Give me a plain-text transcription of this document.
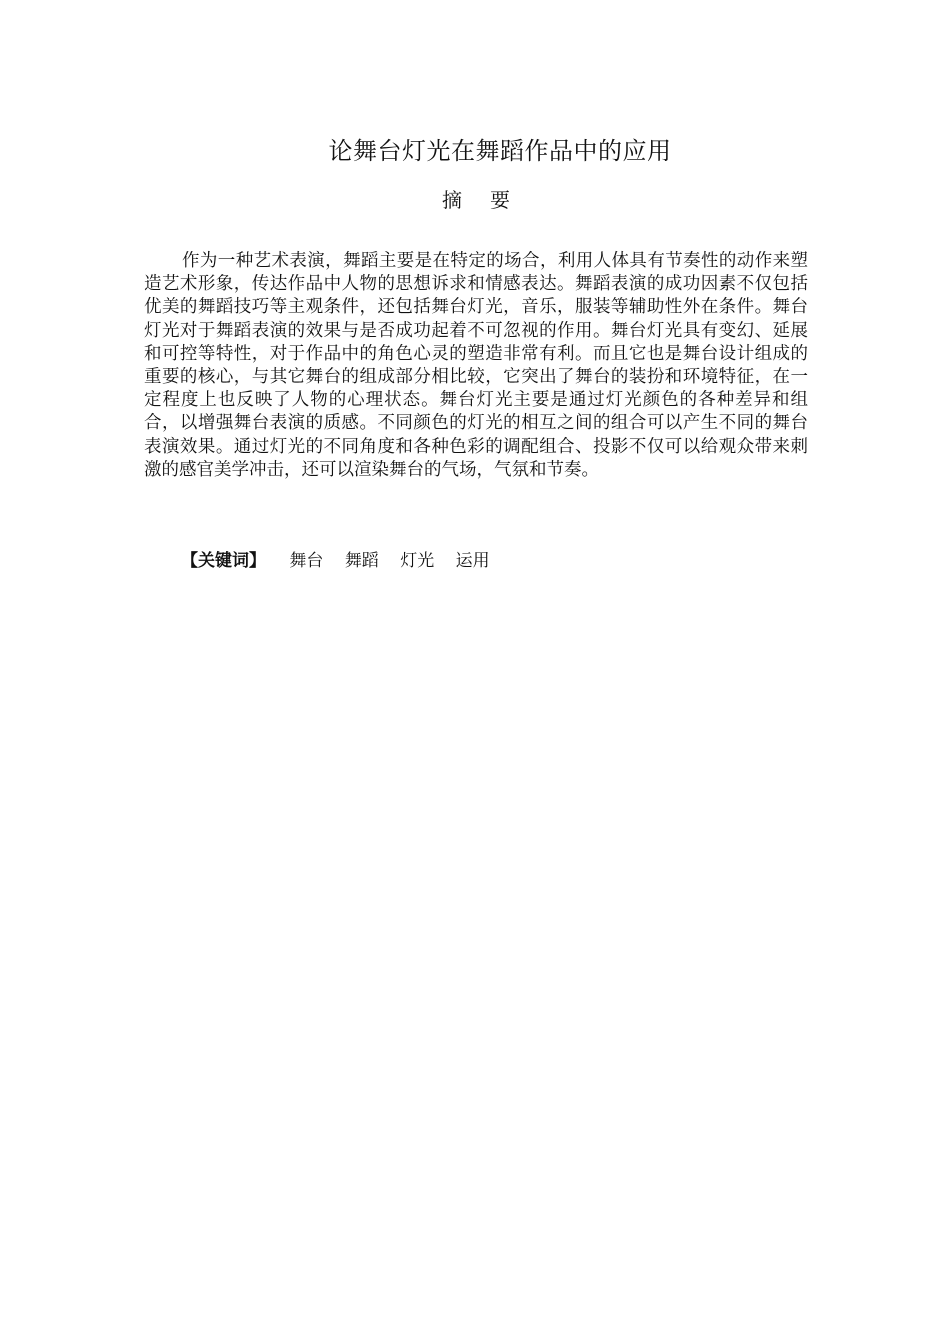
论舞台灯光在舞蹈作品中的应用
摘要

作为一种艺术表演，舞蹈主要是在特定的场合，利用人体具有节奏性的动作来塑造艺术形象，传达作品中人物的思想诉求和情感表达。舞蹈表演的成功因素不仅包括优美的舞蹈技巧等主观条件，还包括舞台灯光，音乐，服装等辅助性外在条件。舞台灯光对于舞蹈表演的效果与是否成功起着不可忽视的作用。舞台灯光具有变幻、延展和可控等特性，对于作品中的角色心灵的塑造非常有利。而且它也是舞台设计组成的重要的核心，与其它舞台的组成部分相比较，它突出了舞台的装扮和环境特征，在一定程度上也反映了人物的心理状态。舞台灯光主要是通过灯光颜色的各种差异和组合，以增强舞台表演的质感。不同颜色的灯光的相互之间的组合可以产生不同的舞台表演效果。通过灯光的不同角度和各种色彩的调配组合、投影不仅可以给观众带来刺激的感官美学冲击，还可以渲染舞台的气场，气氛和节奏。

【关键词】 舞台 舞蹈 灯光 运用
